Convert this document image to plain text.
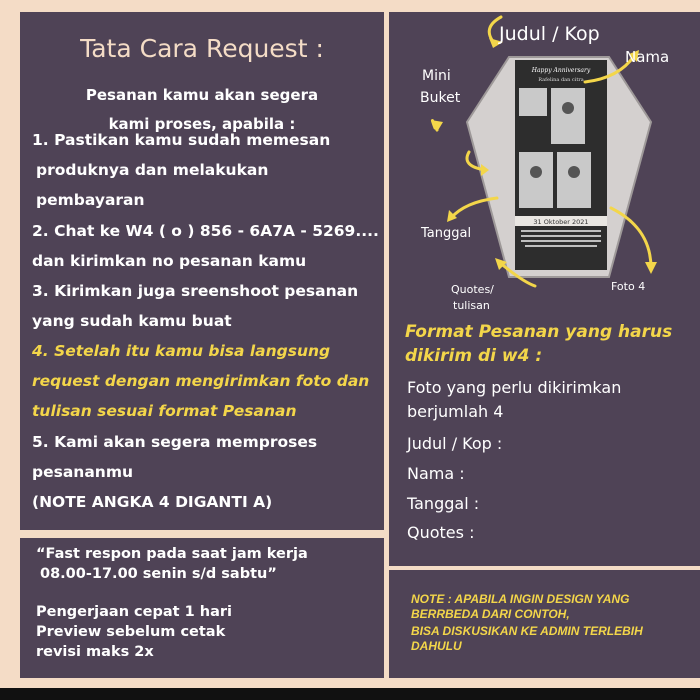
Tata Cara Request :
Pesanan kamu akan segera
kami proses, apabila :
1. Pastikan kamu sudah memesan
produknya dan melakukan
pembayaran
2. Chat ke W4 ( o ) 856 - 6A7A - 5269....
dan kirimkan no pesanan kamu
3. Kirimkan juga sreenshoot pesanan
yang sudah kamu buat
4. Setelah itu kamu bisa langsung
request dengan mengirimkan foto dan
tulisan sesuai format Pesanan
5. Kami akan segera memproses
pesananmu
(NOTE ANGKA 4 DIGANTI A)
“Fast respon pada saat jam kerja
08.00-17.00 senin s/d sabtu”
Pengerjaan cepat 1 hari
Preview sebelum cetak
revisi maks 2x
Happy Anniversary
Rafelina dan citra
31 Oktober 2021
Judul / Kop
Nama
Mini
Buket
Tanggal
Quotes/
tulisan
Foto 4
Format Pesanan yang harus
dikirim di w4 :
Foto yang perlu dikirimkan
berjumlah 4
Judul / Kop :
Nama :
Tanggal :
Quotes :
NOTE : APABILA INGIN DESIGN YANG
BERRBEDA DARI CONTOH,
BISA DISKUSIKAN KE ADMIN TERLEBIH
DAHULU
